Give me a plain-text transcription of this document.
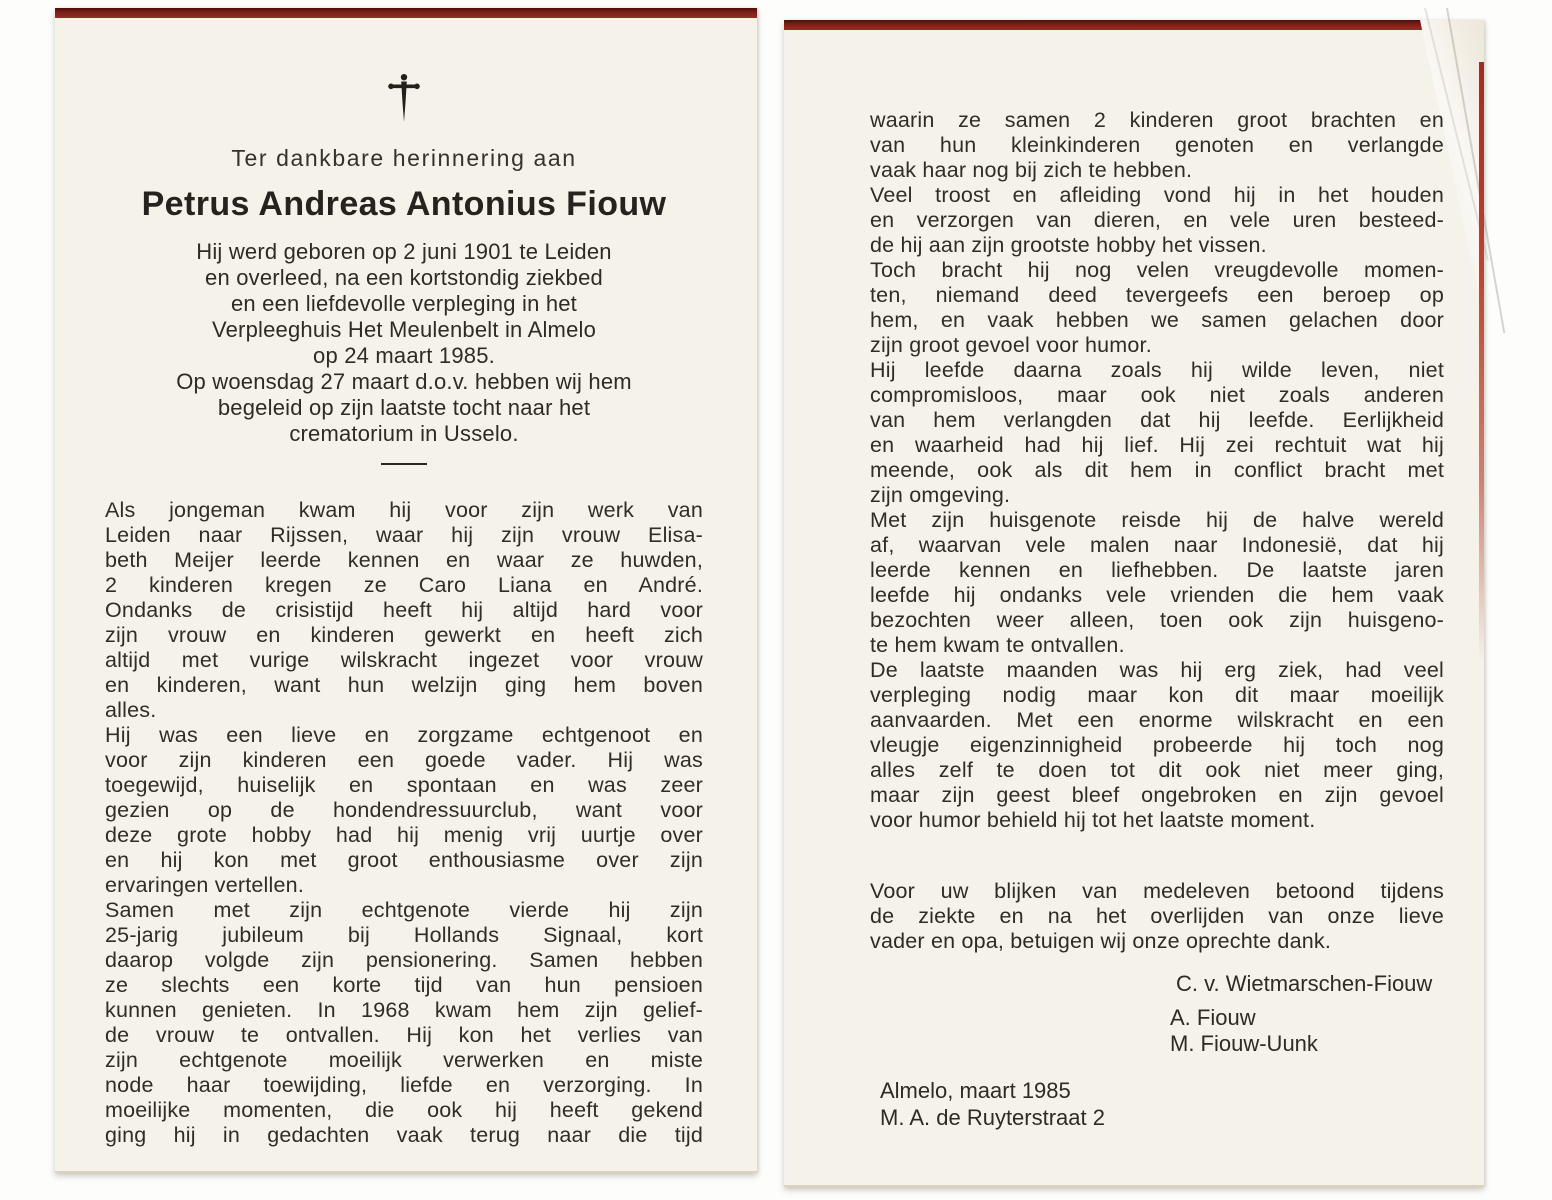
Ter dankbare herinnering aan
Petrus Andreas Antonius Fiouw
Hij werd geboren op 2 juni 1901 te Leiden
en overleed, na een kortstondig ziekbed
en een liefdevolle verpleging in het
Verpleeghuis Het Meulenbelt in Almelo
op 24 maart 1985.
Op woensdag 27 maart d.o.v. hebben wij hem
begeleid op zijn laatste tocht naar het
crematorium in Usselo.
Als jongeman kwam hij voor zijn werk van
Leiden naar Rijssen, waar hij zijn vrouw Elisa-
beth Meijer leerde kennen en waar ze huwden,
2 kinderen kregen ze Caro Liana en André.
Ondanks de crisistijd heeft hij altijd hard voor
zijn vrouw en kinderen gewerkt en heeft zich
altijd met vurige wilskracht ingezet voor vrouw
en kinderen, want hun welzijn ging hem boven
alles.
Hij was een lieve en zorgzame echtgenoot en
voor zijn kinderen een goede vader. Hij was
toegewijd, huiselijk en spontaan en was zeer
gezien op de hondendressuurclub, want voor
deze grote hobby had hij menig vrij uurtje over
en hij kon met groot enthousiasme over zijn
ervaringen vertellen.
Samen met zijn echtgenote vierde hij zijn
25-jarig jubileum bij Hollands Signaal, kort
daarop volgde zijn pensionering. Samen hebben
ze slechts een korte tijd van hun pensioen
kunnen genieten. In 1968 kwam hem zijn gelief-
de vrouw te ontvallen. Hij kon het verlies van
zijn echtgenote moeilijk verwerken en miste
node haar toewijding, liefde en verzorging. In
moeilijke momenten, die ook hij heeft gekend
ging hij in gedachten vaak terug naar die tijd
waarin ze samen 2 kinderen groot brachten en
van hun kleinkinderen genoten en verlangde
vaak haar nog bij zich te hebben.
Veel troost en afleiding vond hij in het houden
en verzorgen van dieren, en vele uren besteed-
de hij aan zijn grootste hobby het vissen.
Toch bracht hij nog velen vreugdevolle momen-
ten, niemand deed tevergeefs een beroep op
hem, en vaak hebben we samen gelachen door
zijn groot gevoel voor humor.
Hij leefde daarna zoals hij wilde leven, niet
compromisloos, maar ook niet zoals anderen
van hem verlangden dat hij leefde. Eerlijkheid
en waarheid had hij lief. Hij zei rechtuit wat hij
meende, ook als dit hem in conflict bracht met
zijn omgeving.
Met zijn huisgenote reisde hij de halve wereld
af, waarvan vele malen naar Indonesië, dat hij
leerde kennen en liefhebben. De laatste jaren
leefde hij ondanks vele vrienden die hem vaak
bezochten weer alleen, toen ook zijn huisgeno-
te hem kwam te ontvallen.
De laatste maanden was hij erg ziek, had veel
verpleging nodig maar kon dit maar moeilijk
aanvaarden. Met een enorme wilskracht en een
vleugje eigenzinnigheid probeerde hij toch nog
alles zelf te doen tot dit ook niet meer ging,
maar zijn geest bleef ongebroken en zijn gevoel
voor humor behield hij tot het laatste moment.
Voor uw blijken van medeleven betoond tijdens
de ziekte en na het overlijden van onze lieve
vader en opa, betuigen wij onze oprechte dank.
C. v. Wietmarschen-Fiouw
A. Fiouw
M. Fiouw-Uunk
Almelo, maart 1985
M. A. de Ruyterstraat 2
